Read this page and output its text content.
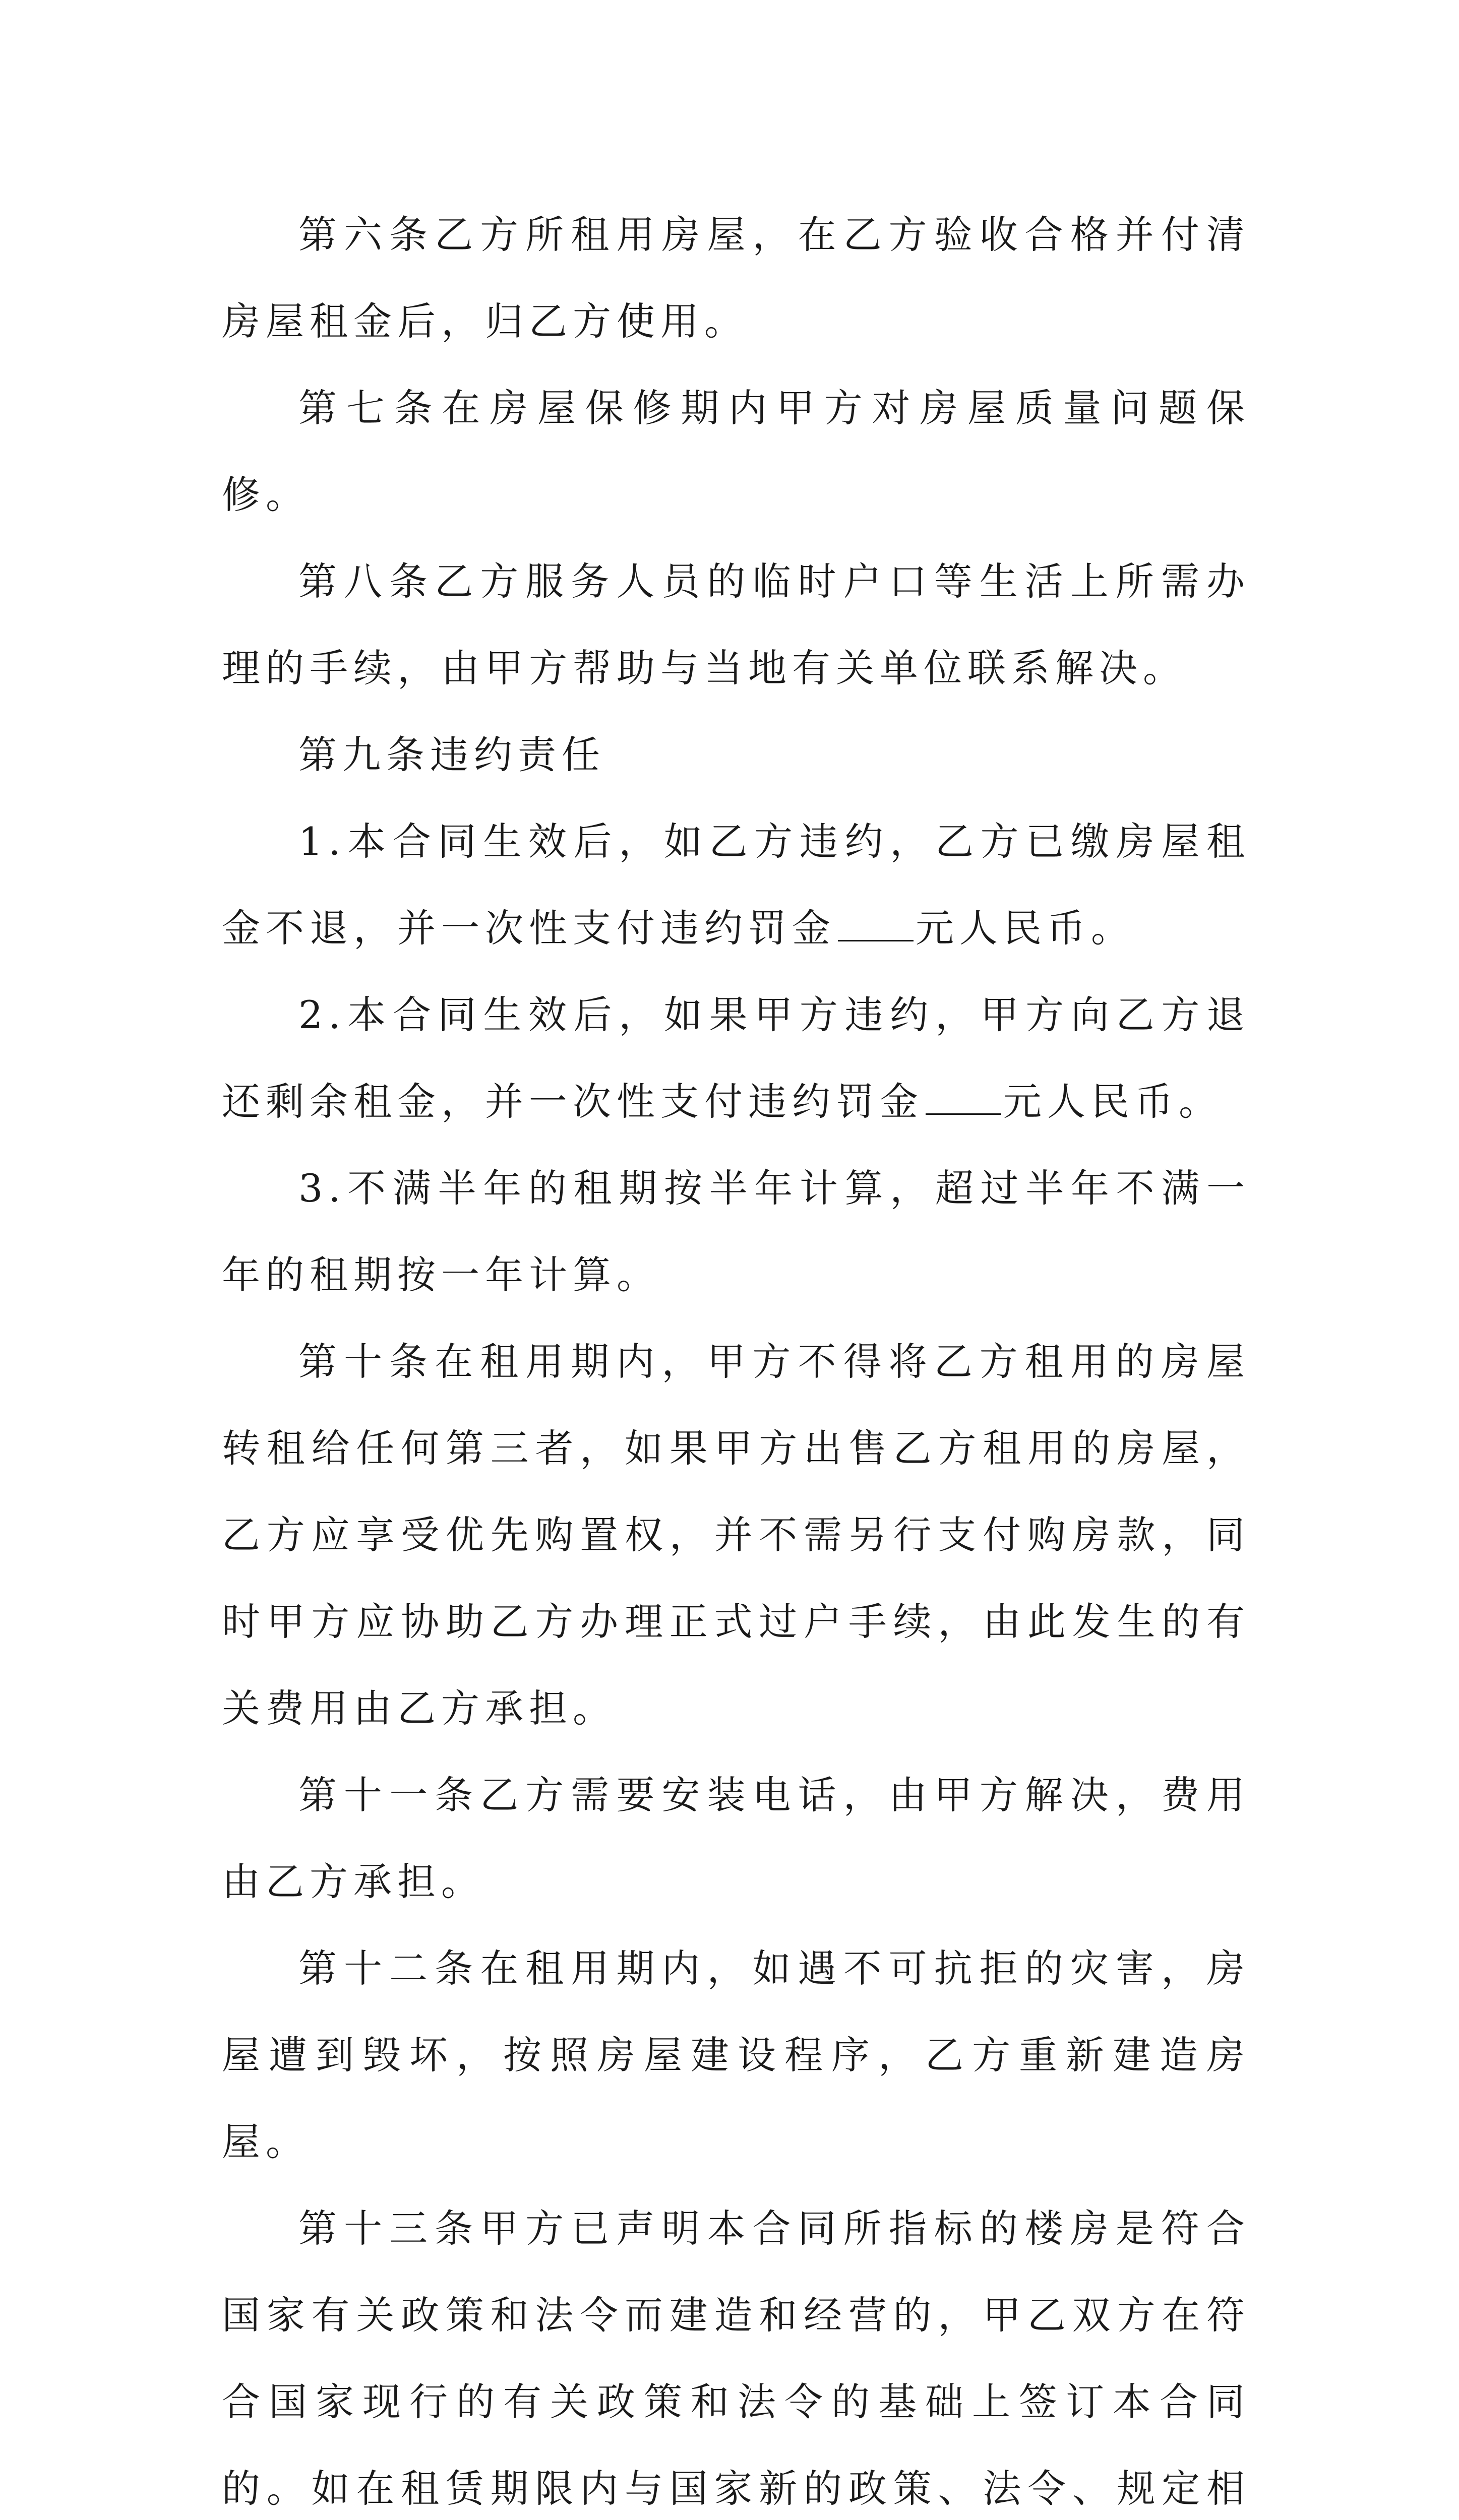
第六条乙方所租用房屋，在乙方验收合格并付清房屋租金后，归乙方使用。

第七条在房屋保修期内甲方对房屋质量问题保修。

第八条乙方服务人员的临时户口等生活上所需办理的手续，由甲方帮助与当地有关单位联系解决。

第九条违约责任

1.本合同生效后，如乙方违约，乙方已缴房屋租金不退，并一次性支付违约罚金 元人民币。

2.本合同生效后，如果甲方违约，甲方向乙方退还剩余租金，并一次性支付违约罚金 元人民币。

3.不满半年的租期按半年计算，超过半年不满一年的租期按一年计算。

第十条在租用期内，甲方不得将乙方租用的房屋转租给任何第三者，如果甲方出售乙方租用的房屋，乙方应享受优先购置权，并不需另行支付购房款，同时甲方应协助乙方办理正式过户手续，由此发生的有关费用由乙方承担。

第十一条乙方需要安装电话，由甲方解决，费用由乙方承担。

第十二条在租用期内，如遇不可抗拒的灾害，房屋遭到毁坏，按照房屋建设程序，乙方重新建造房屋。

第十三条甲方已声明本合同所指标的楼房是符合国家有关政策和法令而建造和经营的，甲乙双方在符合国家现行的有关政策和法令的基础上签订本合同的。如在租赁期限内与国家新的政策、法令、规定相
